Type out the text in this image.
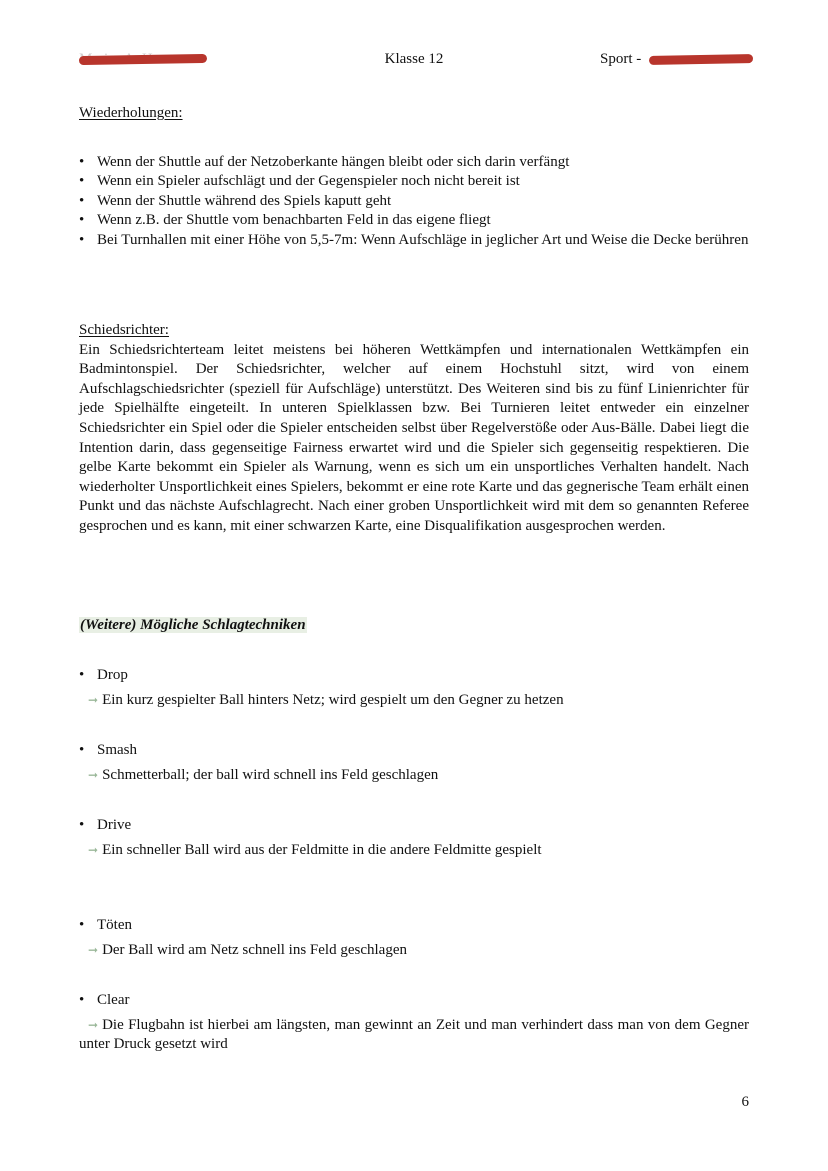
Klasse 12	Sport -
Wiederholungen:
• Wenn der Shuttle auf der Netzoberkante hängen bleibt oder sich darin verfängt
• Wenn ein Spieler aufschlägt und der Gegenspieler noch nicht bereit ist
• Wenn der Shuttle während des Spiels kaputt geht
• Wenn z.B. der Shuttle vom benachbarten Feld in das eigene fliegt
• Bei Turnhallen mit einer Höhe von 5,5-7m: Wenn Aufschläge in jeglicher Art und Weise die Decke berühren
Schiedsrichter:

Ein Schiedsrichterteam leitet meistens bei höheren Wettkämpfen und internationalen Wettkämpfen ein Badmintonspiel. Der Schiedsrichter, welcher auf einem Hochstuhl sitzt, wird von einem Aufschlagschiedsrichter (speziell für Aufschläge) unterstützt. Des Weiteren sind bis zu fünf Linienrichter für jede Spielhälfte eingeteilt. In unteren Spielklassen bzw. Bei Turnieren leitet entweder ein einzelner Schiedsrichter ein Spiel oder die Spieler entscheiden selbst über Regelverstöße oder Aus-Bälle. Dabei liegt die Intention darin, dass gegenseitige Fairness erwartet wird und die Spieler sich gegenseitig respektieren. Die gelbe Karte bekommt ein Spieler als Warnung, wenn es sich um ein unsportliches Verhalten handelt. Nach wiederholter Unsportlichkeit eines Spielers, bekommt er eine rote Karte und das gegnerische Team erhält einen Punkt und das nächste Aufschlagrecht. Nach einer groben Unsportlichkeit wird mit dem so genannten Referee gesprochen und es kann, mit einer schwarzen Karte, eine Disqualifikation ausgesprochen werden.

(Weitere) Mögliche Schlagtechniken
• Drop
➞ Ein kurz gespielter Ball hinters Netz; wird gespielt um den Gegner zu hetzen
• Smash
➞ Schmetterball; der ball wird schnell ins Feld geschlagen
• Drive
➞ Ein schneller Ball wird aus der Feldmitte in die andere Feldmitte gespielt
• Töten
➞ Der Ball wird am Netz schnell ins Feld geschlagen
• Clear
➞ Die Flugbahn ist hierbei am längsten, man gewinnt an Zeit und man verhindert dass man von dem Gegner unter Druck gesetzt wird
6
